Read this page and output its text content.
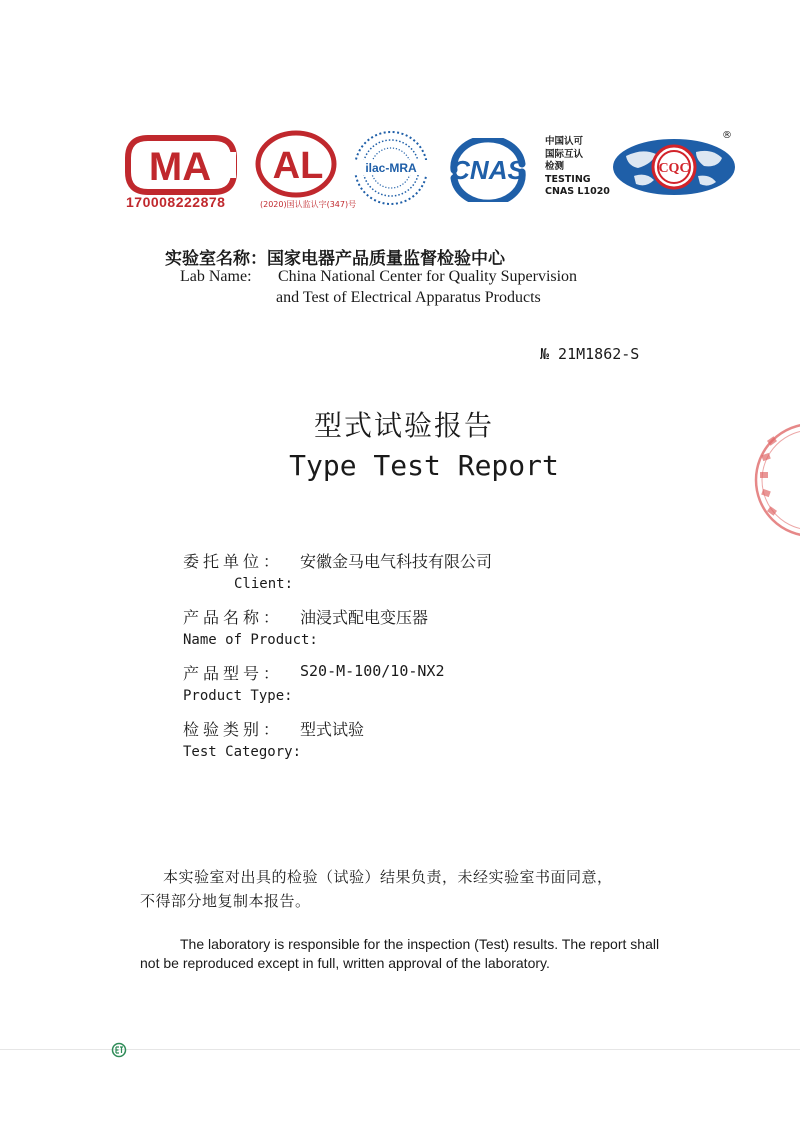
MA
170008222878
AL
(2020)国认监认字(347)号
ilac-MRA CNAS
中国认可
国际互认
检测
TESTING
CNAS L1020
CQC
®
实验室名称：国家电器产品质量监督检验中心
Lab Name: China National Center for Quality Supervision
and Test of Electrical Apparatus Products
№ 21M1862-S
型式试验报告
Type Test Report
委托单位： 安徽金马电气科技有限公司
Client:
产品名称： 油浸式配电变压器
Name of Product:
产品型号： S20-M-100/10-NX2
Product Type:
检验类别： 型式试验
Test Category:
本实验室对出具的检验（试验）结果负责，未经实验室书面同意，
不得部分地复制本报告。
The laboratory is responsible for the inspection (Test) results. The report shall
not be reproduced except in full, written approval of the laboratory.
